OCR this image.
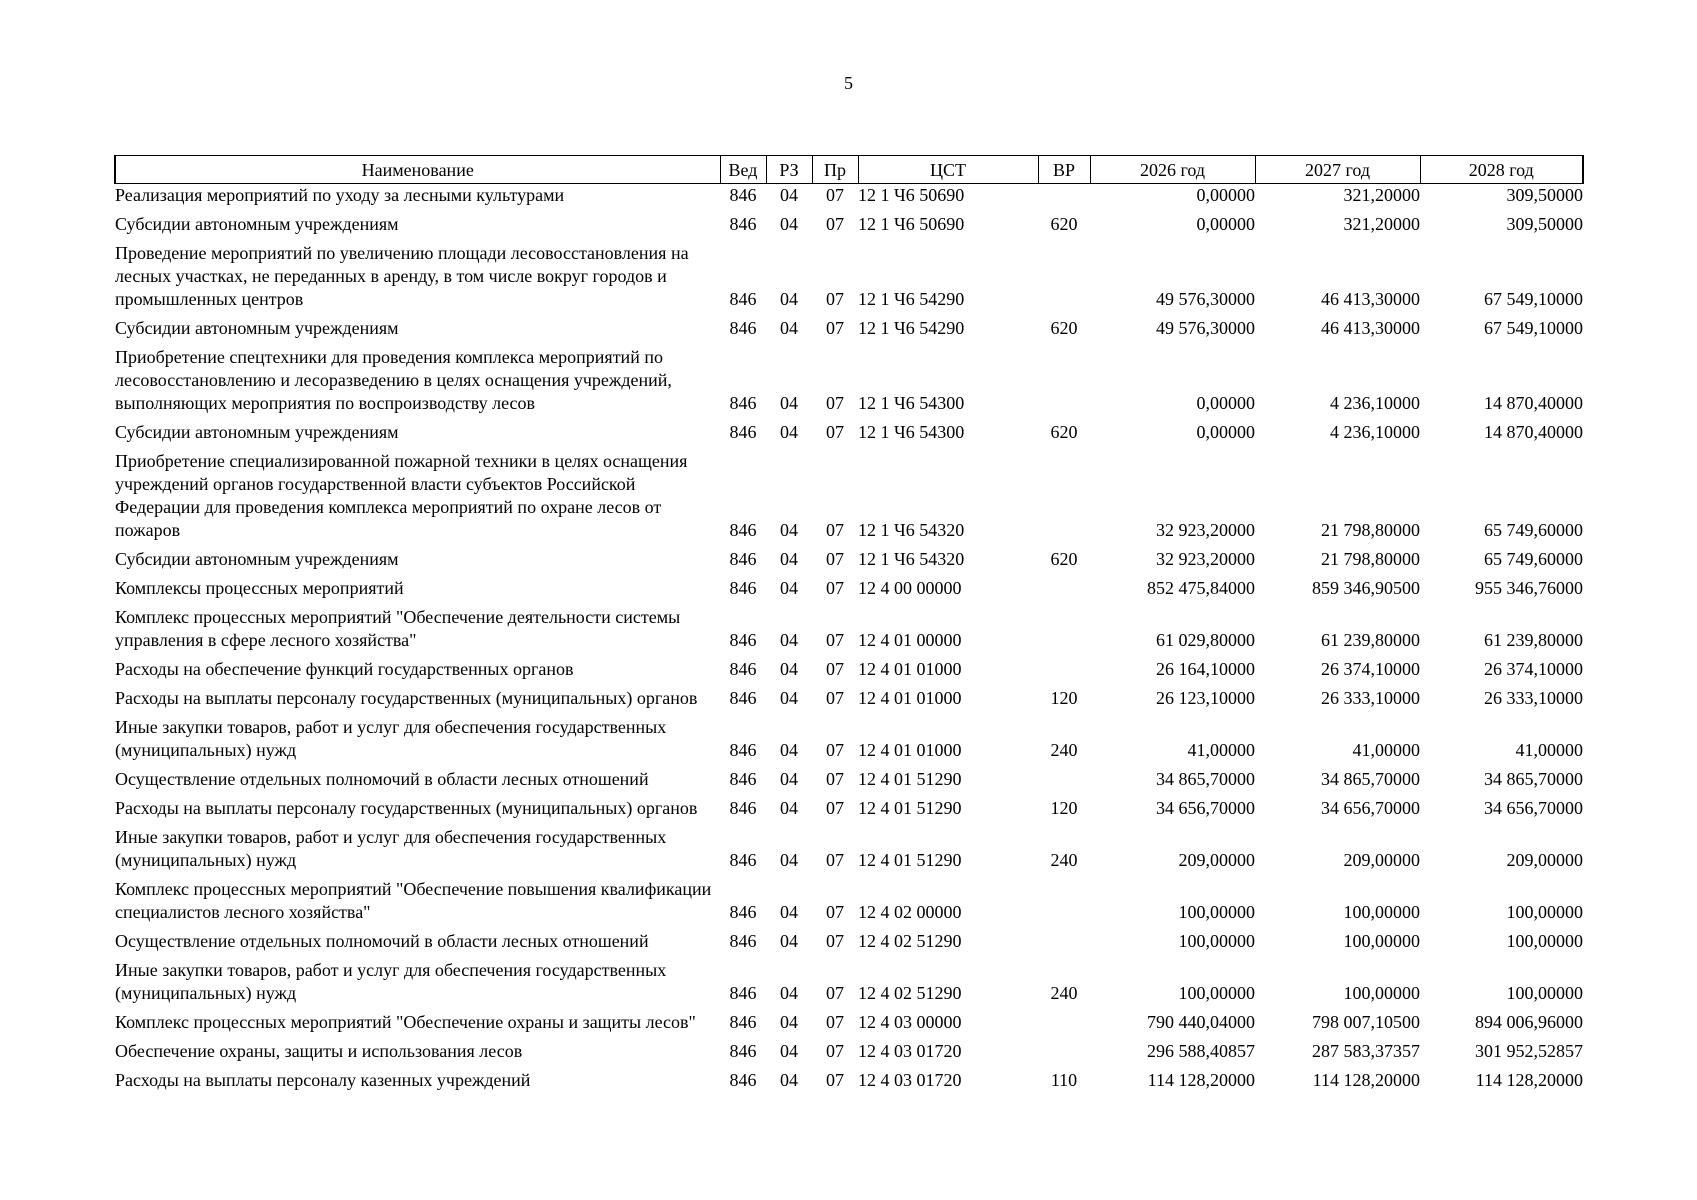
5
Наименование	Вед	РЗ	Пр	ЦСТ	ВР	2026 год	2027 год	2028 год
Реализация мероприятий по уходу за лесными культурами	846	04	07	12 1 Ч6 50690		0,00000	321,20000	309,50000
Субсидии автономным учреждениям	846	04	07	12 1 Ч6 50690	620	0,00000	321,20000	309,50000
Проведение мероприятий по увеличению площади лесовосстановления на лесных участках, не переданных в аренду, в том числе вокруг городов и промышленных центров	846	04	07	12 1 Ч6 54290		49 576,30000	46 413,30000	67 549,10000
Субсидии автономным учреждениям	846	04	07	12 1 Ч6 54290	620	49 576,30000	46 413,30000	67 549,10000
Приобретение спецтехники для проведения комплекса мероприятий по лесовосстановлению и лесоразведению в целях оснащения учреждений, выполняющих мероприятия по воспроизводству лесов	846	04	07	12 1 Ч6 54300		0,00000	4 236,10000	14 870,40000
Субсидии автономным учреждениям	846	04	07	12 1 Ч6 54300	620	0,00000	4 236,10000	14 870,40000
Приобретение специализированной пожарной техники в целях оснащения учреждений органов государственной власти субъектов Российской Федерации для проведения комплекса мероприятий по охране лесов от пожаров	846	04	07	12 1 Ч6 54320		32 923,20000	21 798,80000	65 749,60000
Субсидии автономным учреждениям	846	04	07	12 1 Ч6 54320	620	32 923,20000	21 798,80000	65 749,60000
Комплексы процессных мероприятий	846	04	07	12 4 00 00000		852 475,84000	859 346,90500	955 346,76000
Комплекс процессных мероприятий "Обеспечение деятельности системы управления в сфере лесного хозяйства"	846	04	07	12 4 01 00000		61 029,80000	61 239,80000	61 239,80000
Расходы на обеспечение функций государственных органов	846	04	07	12 4 01 01000		26 164,10000	26 374,10000	26 374,10000
Расходы на выплаты персоналу государственных (муниципальных) органов	846	04	07	12 4 01 01000	120	26 123,10000	26 333,10000	26 333,10000
Иные закупки товаров, работ и услуг для обеспечения государственных (муниципальных) нужд	846	04	07	12 4 01 01000	240	41,00000	41,00000	41,00000
Осуществление отдельных полномочий в области лесных отношений	846	04	07	12 4 01 51290		34 865,70000	34 865,70000	34 865,70000
Расходы на выплаты персоналу государственных (муниципальных) органов	846	04	07	12 4 01 51290	120	34 656,70000	34 656,70000	34 656,70000
Иные закупки товаров, работ и услуг для обеспечения государственных (муниципальных) нужд	846	04	07	12 4 01 51290	240	209,00000	209,00000	209,00000
Комплекс процессных мероприятий "Обеспечение повышения квалификации специалистов лесного хозяйства"	846	04	07	12 4 02 00000		100,00000	100,00000	100,00000
Осуществление отдельных полномочий в области лесных отношений	846	04	07	12 4 02 51290		100,00000	100,00000	100,00000
Иные закупки товаров, работ и услуг для обеспечения государственных (муниципальных) нужд	846	04	07	12 4 02 51290	240	100,00000	100,00000	100,00000
Комплекс процессных мероприятий "Обеспечение охраны и защиты лесов"	846	04	07	12 4 03 00000		790 440,04000	798 007,10500	894 006,96000
Обеспечение охраны, защиты и использования лесов	846	04	07	12 4 03 01720		296 588,40857	287 583,37357	301 952,52857
Расходы на выплаты персоналу казенных учреждений	846	04	07	12 4 03 01720	110	114 128,20000	114 128,20000	114 128,20000
